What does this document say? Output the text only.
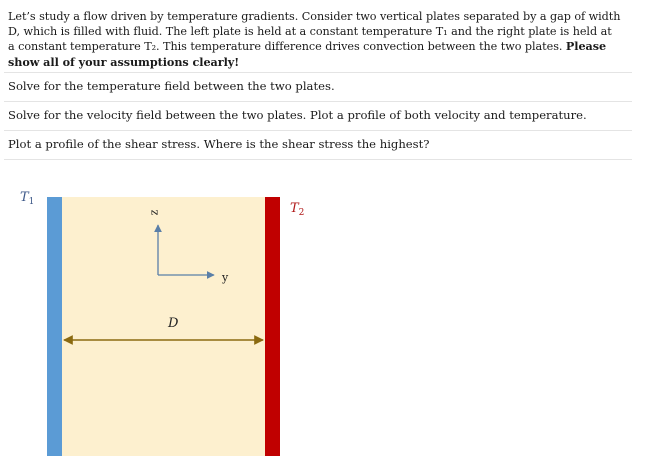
Let’s study a flow driven by temperature gradients. Consider two vertical plates separated by a gap of width
D, which is filled with fluid. The left plate is held at a constant temperature T₁ and the right plate is held at
a constant temperature T₂. This temperature difference drives convection between the two plates. Please
show all of your assumptions clearly!
Solve for the temperature field between the two plates.
Solve for the velocity field between the two plates. Plot a profile of both velocity and temperature.
Plot a profile of the shear stress. Where is the shear stress the highest?
$T_1$	$T_2$
z
y
D
